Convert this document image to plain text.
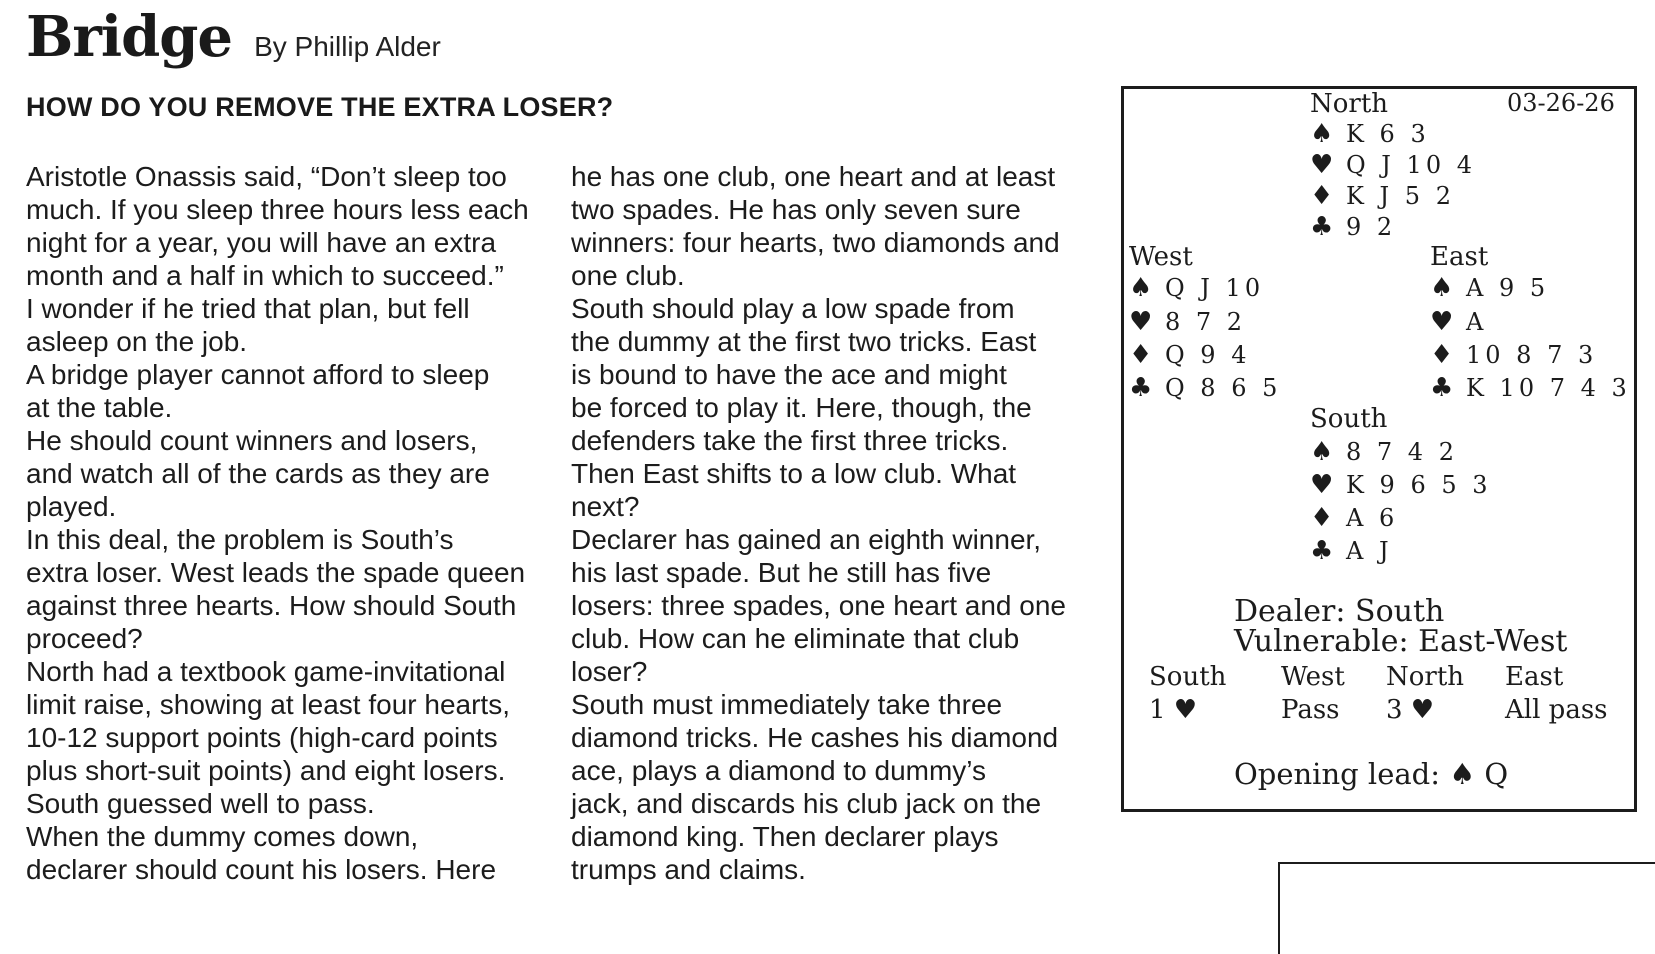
Bridge By Phillip Alder
HOW DO YOU REMOVE THE EXTRA LOSER?
Aristotle Onassis said, “Don’t sleep too
much. If you sleep three hours less each
night for a year, you will have an extra
month and a half in which to succeed.”
I wonder if he tried that plan, but fell
asleep on the job.
A bridge player cannot afford to sleep
at the table.
He should count winners and losers,
and watch all of the cards as they are
played.
In this deal, the problem is South’s
extra loser. West leads the spade queen
against three hearts. How should South
proceed?
North had a textbook game-invitational
limit raise, showing at least four hearts,
10-12 support points (high-card points
plus short-suit points) and eight losers.
South guessed well to pass.
When the dummy comes down,
declarer should count his losers. Here
he has one club, one heart and at least
two spades. He has only seven sure
winners: four hearts, two diamonds and
one club.
South should play a low spade from
the dummy at the first two tricks. East
is bound to have the ace and might
be forced to play it. Here, though, the
defenders take the first three tricks.
Then East shifts to a low club. What
next?
Declarer has gained an eighth winner,
his last spade. But he still has five
losers: three spades, one heart and one
club. How can he eliminate that club
loser?
South must immediately take three
diamond tricks. He cashes his diamond
ace, plays a diamond to dummy’s
jack, and discards his club jack on the
diamond king. Then declarer plays
trumps and claims.
North	03-26-26
♠ K 6 3
♥ Q J 10 4
♦ K J 5 2
♣ 9 2
West
♠ Q J 10
♥ 8 7 2
♦ Q 9 4
♣ Q 8 6 5
East
♠ A 9 5
♥ A
♦ 10 8 7 3
♣ K 10 7 4 3
South
♠ 8 7 4 2
♥ K 9 6 5 3
♦ A 6
♣ A J
Dealer: South
Vulnerable: East-West
South West North East
1 ♥	Pass 3 ♥	All pass
Opening lead: ♠ Q
